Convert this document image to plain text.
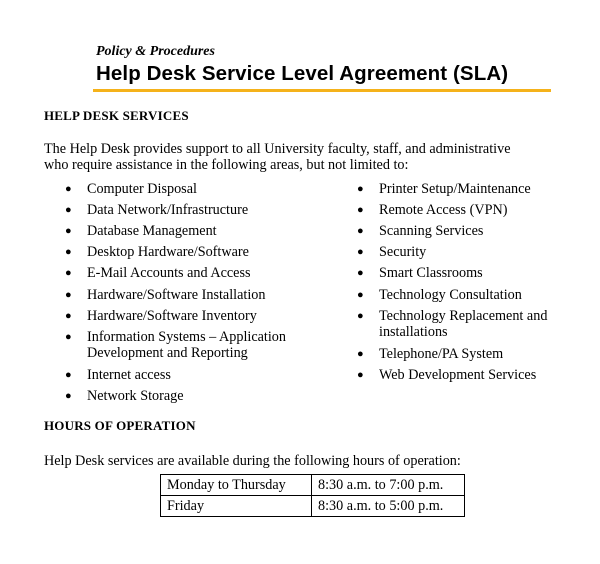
Policy & Procedures
Help Desk Service Level Agreement (SLA)
HELP DESK SERVICES
The Help Desk provides support to all University faculty, staff, and administrative
who require assistance in the following areas, but not limited to:
● Computer Disposal
● Data Network/Infrastructure
● Database Management
● Desktop Hardware/Software
● E-Mail Accounts and Access
● Hardware/Software Installation
● Hardware/Software Inventory
● Information Systems – Application
Development and Reporting
● Internet access
● Network Storage
● Printer Setup/Maintenance
● Remote Access (VPN)
● Scanning Services
● Security
● Smart Classrooms
● Technology Consultation
● Technology Replacement and
installations
● Telephone/PA System
● Web Development Services
HOURS OF OPERATION
Help Desk services are available during the following hours of operation:
Monday to Thursday	8:30 a.m. to 7:00 p.m.
Friday	8:30 a.m. to 5:00 p.m.
